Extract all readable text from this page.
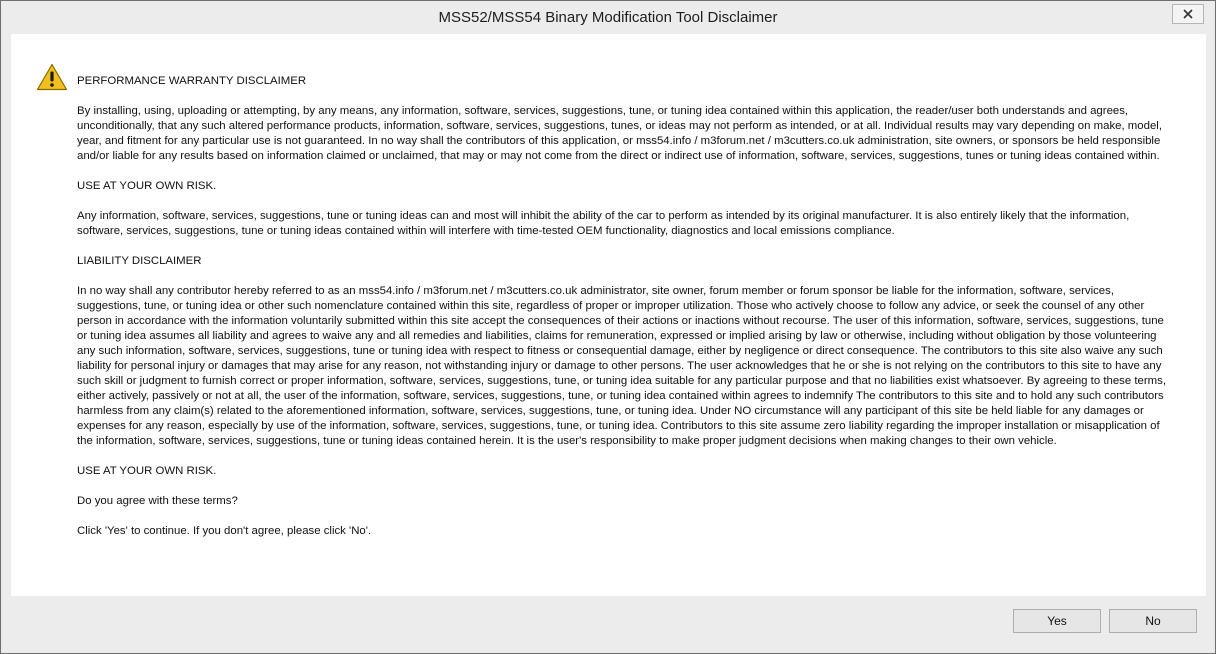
MSS52/MSS54 Binary Modification Tool Disclaimer

PERFORMANCE WARRANTY DISCLAIMER

By installing, using, uploading or attempting, by any means, any information, software, services, suggestions, tune, or tuning idea contained within this application, the reader/user both understands and agrees, unconditionally, that any such altered performance products, information, software, services, suggestions, tunes, or ideas may not perform as intended, or at all. Individual results may vary depending on make, model, year, and fitment for any particular use is not guaranteed. In no way shall the contributors of this application, or mss54.info / m3forum.net / m3cutters.co.uk administration, site owners, or sponsors be held responsible and/or liable for any results based on information claimed or unclaimed, that may or may not come from the direct or indirect use of information, software, services, suggestions, tunes or tuning ideas contained within.

USE AT YOUR OWN RISK.

Any information, software, services, suggestions, tune or tuning ideas can and most will inhibit the ability of the car to perform as intended by its original manufacturer. It is also entirely likely that the information, software, services, suggestions, tune or tuning ideas contained within will interfere with time-tested OEM functionality, diagnostics and local emissions compliance.

LIABILITY DISCLAIMER

In no way shall any contributor hereby referred to as an mss54.info / m3forum.net / m3cutters.co.uk administrator, site owner, forum member or forum sponsor be liable for the information, software, services, suggestions, tune, or tuning idea or other such nomenclature contained within this site, regardless of proper or improper utilization. Those who actively choose to follow any advice, or seek the counsel of any other person in accordance with the information voluntarily submitted within this site accept the consequences of their actions or inactions without recourse. The user of this information, software, services, suggestions, tune or tuning idea assumes all liability and agrees to waive any and all remedies and liabilities, claims for remuneration, expressed or implied arising by law or otherwise, including without obligation by those volunteering any such information, software, services, suggestions, tune or tuning idea with respect to fitness or consequential damage, either by negligence or direct consequence. The contributors to this site also waive any such liability for personal injury or damages that may arise for any reason, not withstanding injury or damage to other persons. The user acknowledges that he or she is not relying on the contributors to this site to have any such skill or judgment to furnish correct or proper information, software, services, suggestions, tune, or tuning idea suitable for any particular purpose and that no liabilities exist whatsoever. By agreeing to these terms, either actively, passively or not at all, the user of the information, software, services, suggestions, tune, or tuning idea contained within agrees to indemnify The contributors to this site and to hold any such contributors harmless from any claim(s) related to the aforementioned information, software, services, suggestions, tune, or tuning idea. Under NO circumstance will any participant of this site be held liable for any damages or expenses for any reason, especially by use of the information, software, services, suggestions, tune, or tuning idea. Contributors to this site assume zero liability regarding the improper installation or misapplication of the information, software, services, suggestions, tune or tuning ideas contained herein. It is the user's responsibility to make proper judgment decisions when making changes to their own vehicle.

USE AT YOUR OWN RISK.

Do you agree with these terms?

Click 'Yes' to continue. If you don't agree, please click 'No'.

Yes	No
